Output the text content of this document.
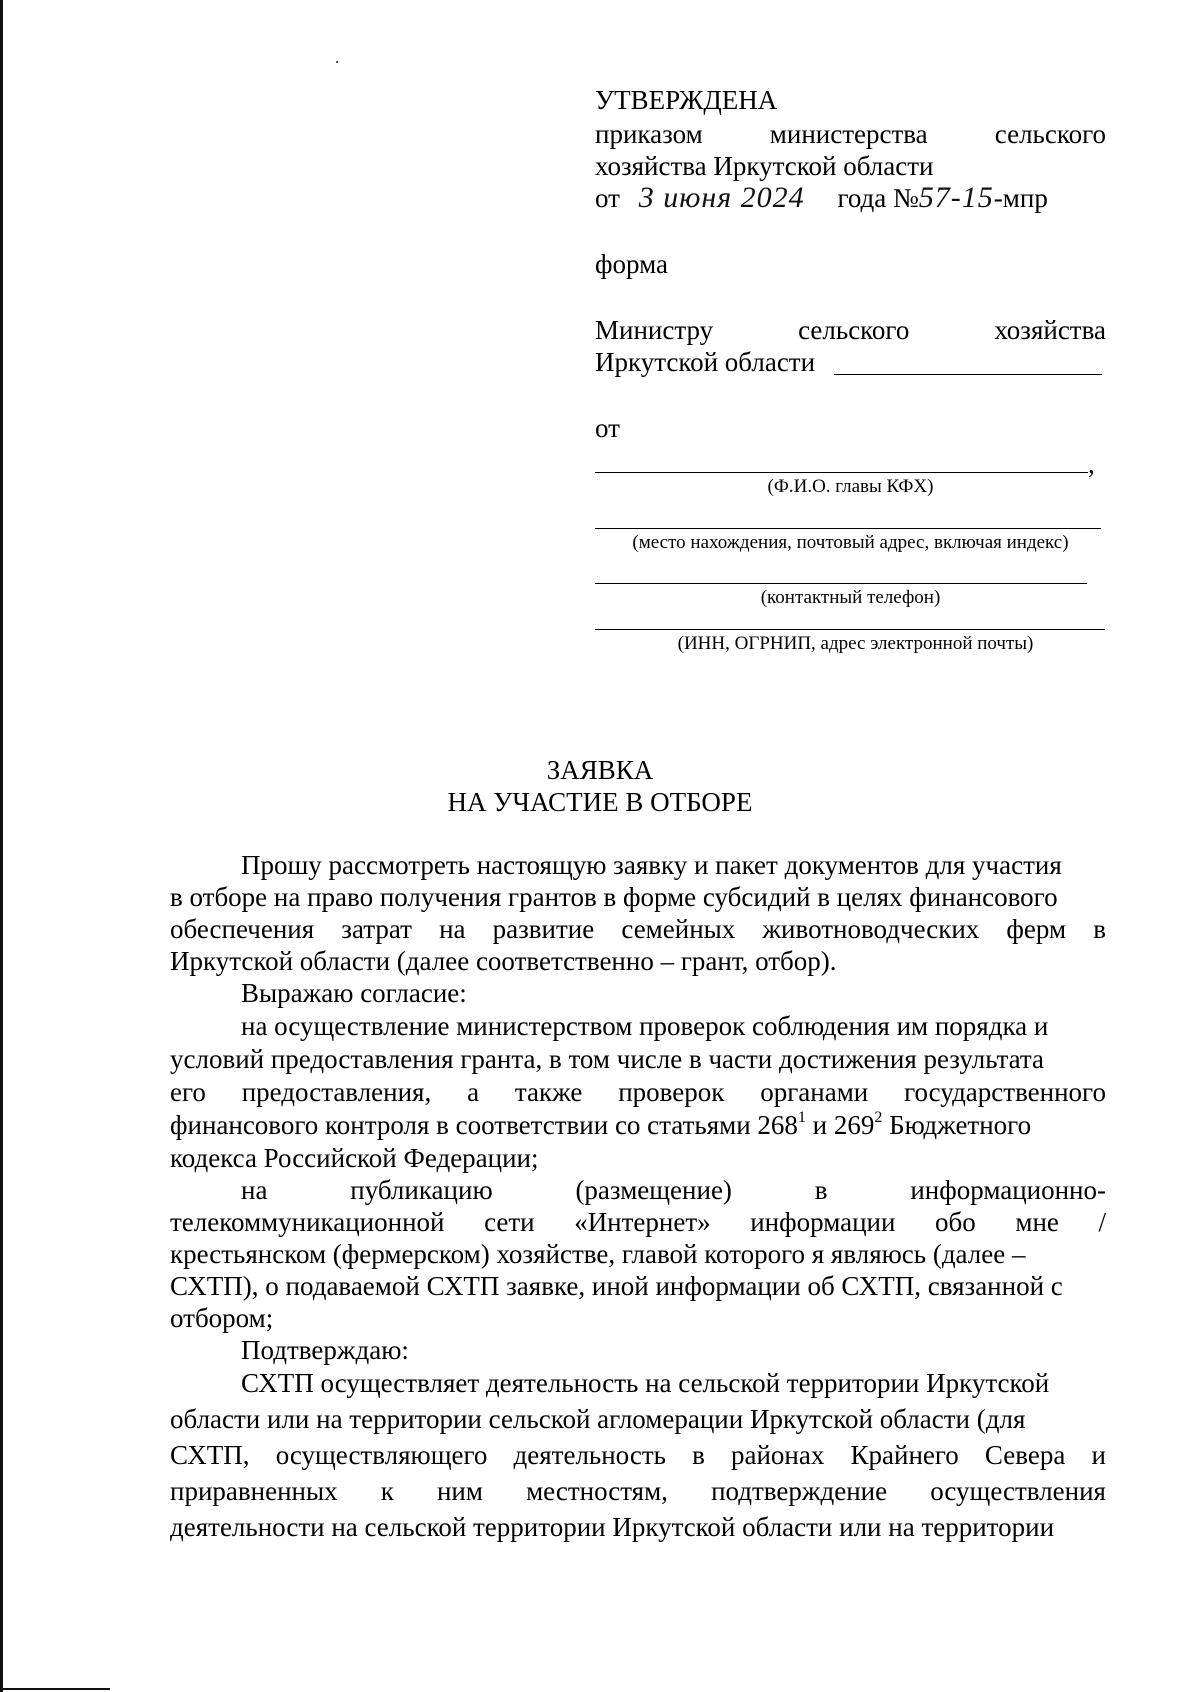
УТВЕРЖДЕНА
приказом министерства сельского
хозяйства Иркутской области
от 3 июня 2024 года №57-15-мпр
форма
Министру	сельского	хозяйства
Иркутской области
от
,
(Ф.И.О. главы КФХ)
(место нахождения, почтовый адрес, включая индекс)
(контактный телефон)
(ИНН, ОГРНИП, адрес электронной почты)
ЗАЯВКА
НА УЧАСТИЕ В ОТБОРЕ
Прошу рассмотреть настоящую заявку и пакет документов для участия
в отборе на право получения грантов в форме субсидий в целях финансового
обеспечения затрат на развитие семейных животноводческих ферм в
Иркутской области (далее соответственно – грант, отбор).
Выражаю согласие:
на осуществление министерством проверок соблюдения им порядка и
условий предоставления гранта, в том числе в части достижения результата
его предоставления, а также проверок органами государственного
финансового контроля в соответствии со статьями $268^1$ и $269^2$ Бюджетного
кодекса Российской Федерации;
на	публикацию	(размещение)	в	информационно-
телекоммуникационной сети «Интернет» информации обо мне /
крестьянском (фермерском) хозяйстве, главой которого я являюсь (далее –
СХТП), о подаваемой СХТП заявке, иной информации об СХТП, связанной с
отбором;
Подтверждаю:
СХТП осуществляет деятельность на сельской территории Иркутской
области или на территории сельской агломерации Иркутской области (для
СХТП, осуществляющего деятельность в районах Крайнего Севера и
приравненных к ним местностям, подтверждение осуществления
деятельности на сельской территории Иркутской области или на территории
